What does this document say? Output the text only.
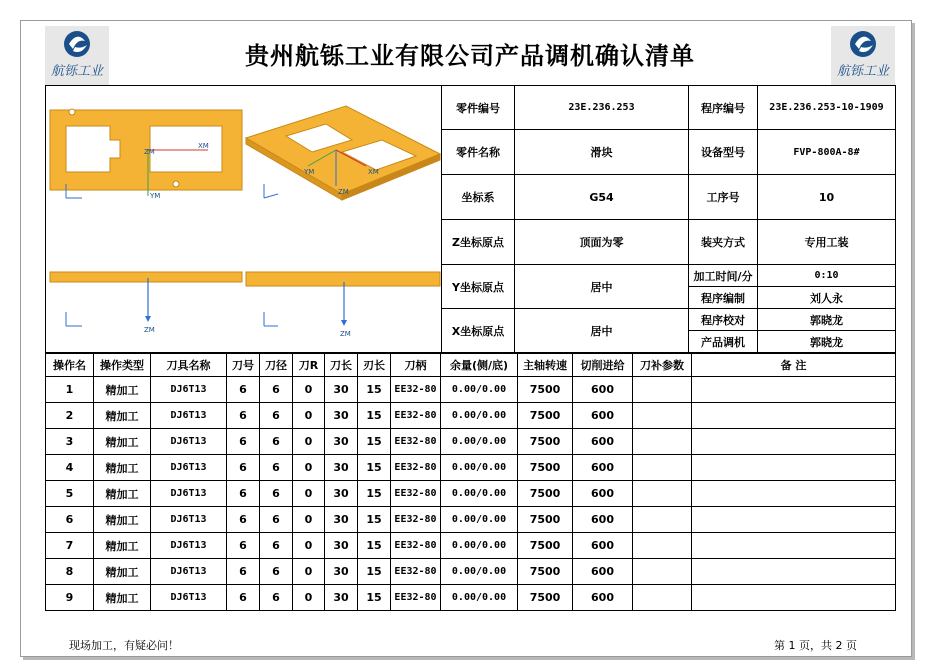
航铄工业
贵州航铄工业有限公司产品调机确认清单
航铄工业
XM
YM
ZM
YM	XM
ZM
ZM	ZM
零件编号	23E.236.253	程序编号	23E.236.253-10-1909
零件名称	滑块	设备型号	FVP-800A-8#
坐标系	G54	工序号	10
Z坐标原点	顶面为零	装夹方式	专用工装
Y坐标原点	居中	加工时间/分	0:10
		程序编制	刘人永
X坐标原点	居中	程序校对	郭晓龙
		产品调机	郭晓龙
操作名	操作类型	刀具名称	刀号	刀径	刀R	刀长	刃长	刀柄	余量(侧/底)	主轴转速	切削进给	刀补参数	备 注
1	精加工	DJ6T13	6	6	0	30	15	EE32-80	0.00/0.00	7500	600		
2	精加工	DJ6T13	6	6	0	30	15	EE32-80	0.00/0.00	7500	600		
3	精加工	DJ6T13	6	6	0	30	15	EE32-80	0.00/0.00	7500	600		
4	精加工	DJ6T13	6	6	0	30	15	EE32-80	0.00/0.00	7500	600		
5	精加工	DJ6T13	6	6	0	30	15	EE32-80	0.00/0.00	7500	600		
6	精加工	DJ6T13	6	6	0	30	15	EE32-80	0.00/0.00	7500	600		
7	精加工	DJ6T13	6	6	0	30	15	EE32-80	0.00/0.00	7500	600		
8	精加工	DJ6T13	6	6	0	30	15	EE32-80	0.00/0.00	7500	600		
9	精加工	DJ6T13	6	6	0	30	15	EE32-80	0.00/0.00	7500	600		
现场加工，有疑必问！	第 1 页，共 2 页
